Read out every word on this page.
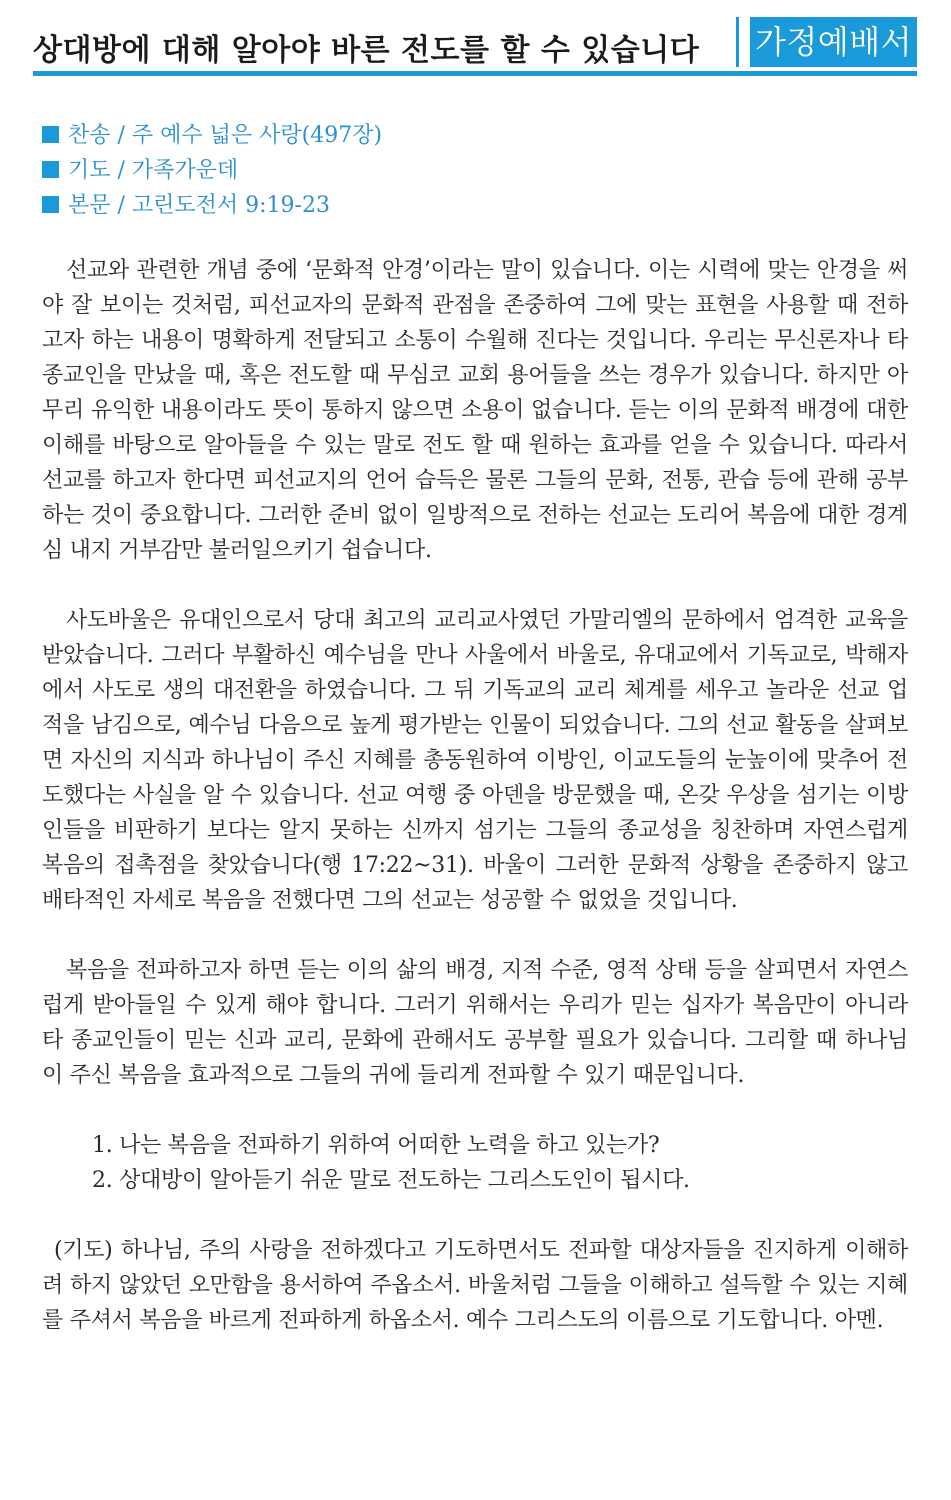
상대방에 대해 알아야 바른 전도를 할 수 있습니다	가정예배서
찬송 / 주 예수 넓은 사랑(497장)
기도 / 가족가운데
본문 / 고린도전서 9:19-23

선교와 관련한 개념 중에 ‘문화적 안경’이라는 말이 있습니다. 이는 시력에 맞는 안경을 써야 잘 보이는 것처럼, 피선교자의 문화적 관점을 존중하여 그에 맞는 표현을 사용할 때 전하고자 하는 내용이 명확하게 전달되고 소통이 수월해 진다는 것입니다. 우리는 무신론자나 타 종교인을 만났을 때, 혹은 전도할 때 무심코 교회 용어들을 쓰는 경우가 있습니다. 하지만 아무리 유익한 내용이라도 뜻이 통하지 않으면 소용이 없습니다. 듣는 이의 문화적 배경에 대한 이해를 바탕으로 알아들을 수 있는 말로 전도 할 때 원하는 효과를 얻을 수 있습니다. 따라서 선교를 하고자 한다면 피선교지의 언어 습득은 물론 그들의 문화, 전통, 관습 등에 관해 공부하는 것이 중요합니다. 그러한 준비 없이 일방적으로 전하는 선교는 도리어 복음에 대한 경계심 내지 거부감만 불러일으키기 쉽습니다.

사도바울은 유대인으로서 당대 최고의 교리교사였던 가말리엘의 문하에서 엄격한 교육을 받았습니다. 그러다 부활하신 예수님을 만나 사울에서 바울로, 유대교에서 기독교로, 박해자에서 사도로 생의 대전환을 하였습니다. 그 뒤 기독교의 교리 체계를 세우고 놀라운 선교 업적을 남김으로, 예수님 다음으로 높게 평가받는 인물이 되었습니다. 그의 선교 활동을 살펴보면 자신의 지식과 하나님이 주신 지혜를 총동원하여 이방인, 이교도들의 눈높이에 맞추어 전도했다는 사실을 알 수 있습니다. 선교 여행 중 아덴을 방문했을 때, 온갖 우상을 섬기는 이방인들을 비판하기 보다는 알지 못하는 신까지 섬기는 그들의 종교성을 칭찬하며 자연스럽게 복음의 접촉점을 찾았습니다(행 17:22~31). 바울이 그러한 문화적 상황을 존중하지 않고 배타적인 자세로 복음을 전했다면 그의 선교는 성공할 수 없었을 것입니다.

복음을 전파하고자 하면 듣는 이의 삶의 배경, 지적 수준, 영적 상태 등을 살피면서 자연스럽게 받아들일 수 있게 해야 합니다. 그러기 위해서는 우리가 믿는 십자가 복음만이 아니라 타 종교인들이 믿는 신과 교리, 문화에 관해서도 공부할 필요가 있습니다. 그리할 때 하나님이 주신 복음을 효과적으로 그들의 귀에 들리게 전파할 수 있기 때문입니다.

1. 나는 복음을 전파하기 위하여 어떠한 노력을 하고 있는가?
2. 상대방이 알아듣기 쉬운 말로 전도하는 그리스도인이 됩시다.

(기도) 하나님, 주의 사랑을 전하겠다고 기도하면서도 전파할 대상자들을 진지하게 이해하려 하지 않았던 오만함을 용서하여 주옵소서. 바울처럼 그들을 이해하고 설득할 수 있는 지혜를 주셔서 복음을 바르게 전파하게 하옵소서. 예수 그리스도의 이름으로 기도합니다. 아멘.
